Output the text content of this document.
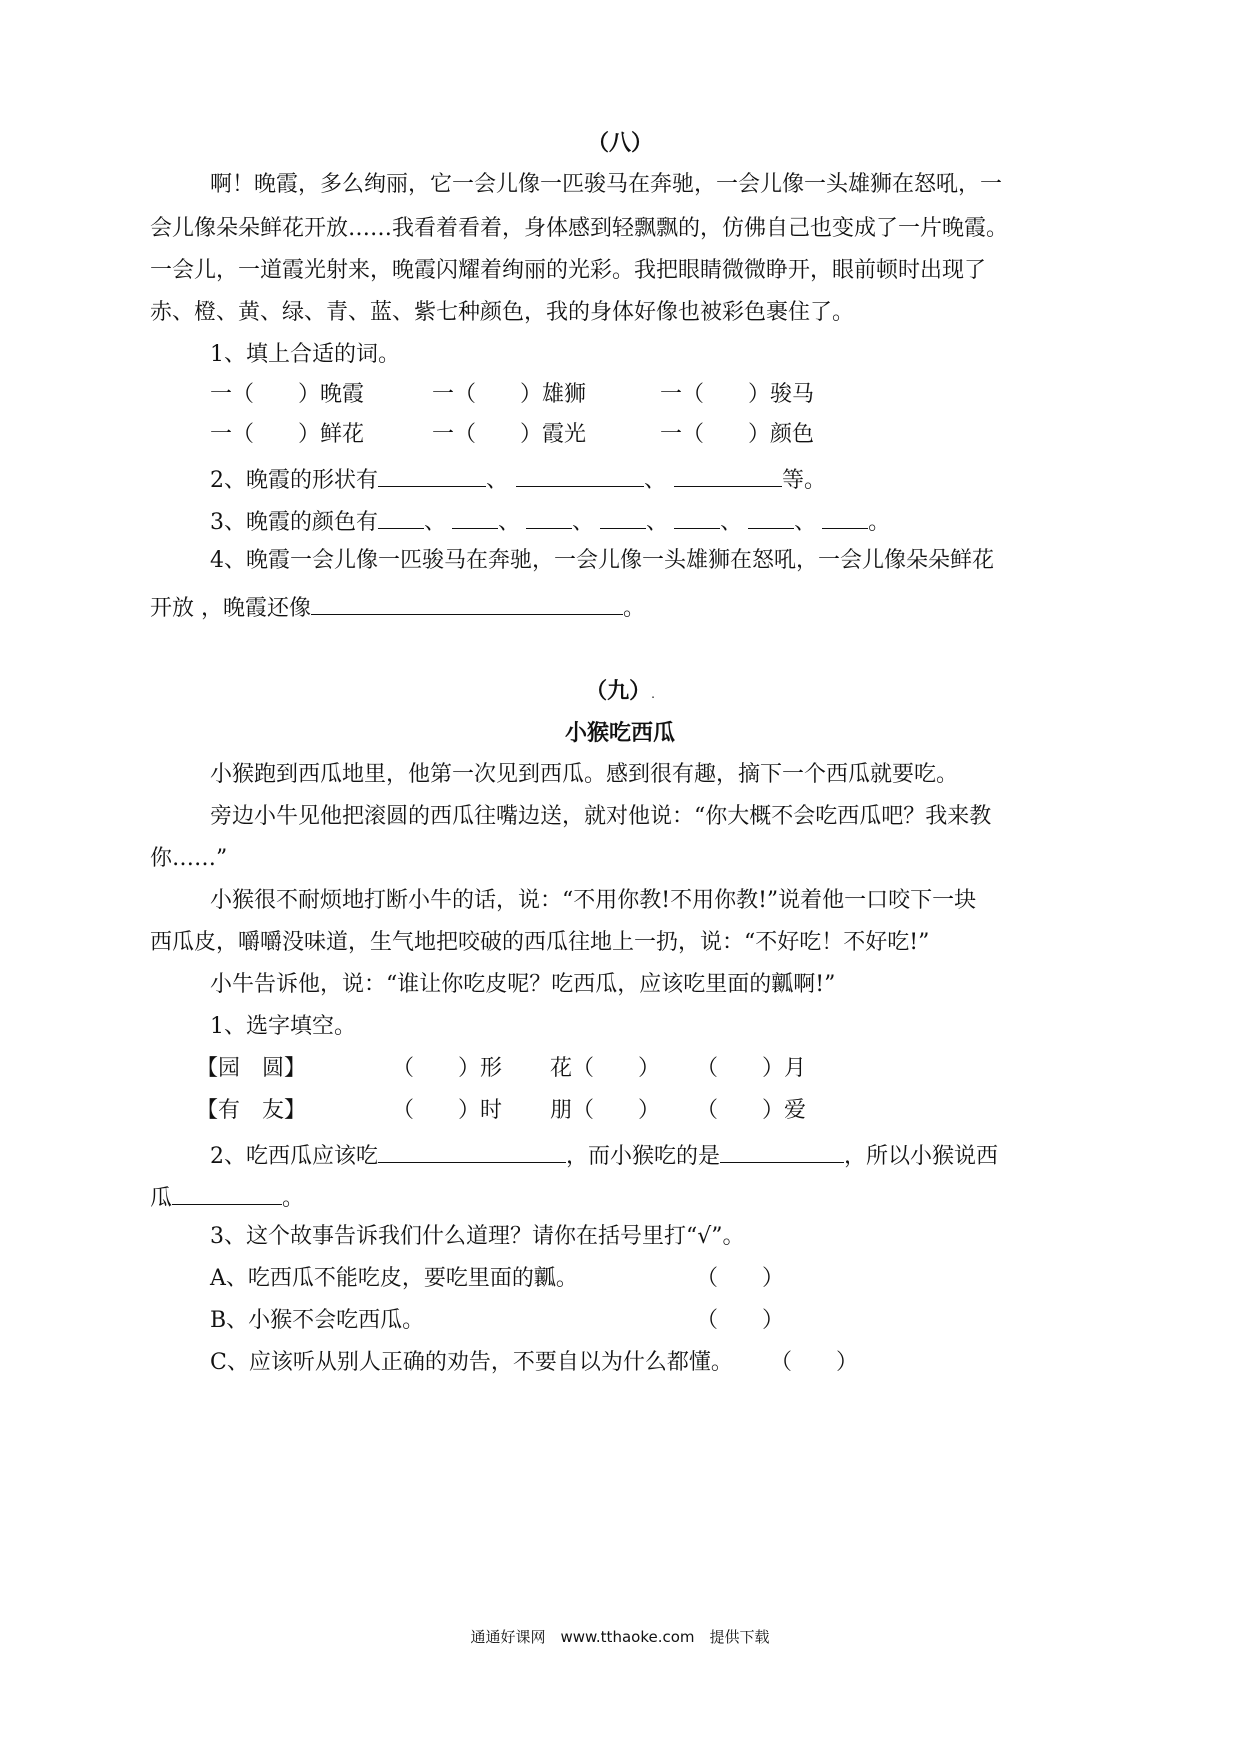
（八）
啊！晚霞，多么绚丽，它一会儿像一匹骏马在奔驰，一会儿像一头雄狮在怒吼，一
会儿像朵朵鲜花开放……我看着看着，身体感到轻飘飘的，仿佛自己也变成了一片晚霞。
一会儿，一道霞光射来，晚霞闪耀着绚丽的光彩。我把眼睛微微睁开，眼前顿时出现了
赤、橙、黄、绿、青、蓝、紫七种颜色，我的身体好像也被彩色裹住了。
1、填上合适的词。
一（　　）晚霞	一（　　）雄狮	一（　　）骏马
一（　　）鲜花	一（　　）霞光	一（　　）颜色
2、晚霞的形状有	、	、	等。
3、晚霞的颜色有 、 、 、 、 、 、 。
4、晚霞一会儿像一匹骏马在奔驰，一会儿像一头雄狮在怒吼，一会儿像朵朵鲜花
开放 ，晚霞还像	。
（九）.
小猴吃西瓜
小猴跑到西瓜地里，他第一次见到西瓜。感到很有趣，摘下一个西瓜就要吃。
旁边小牛见他把滚圆的西瓜往嘴边送，就对他说：“你大概不会吃西瓜吧？我来教
你……”
小猴很不耐烦地打断小牛的话，说：“不用你教!不用你教!”说着他一口咬下一块
西瓜皮，嚼嚼没味道，生气地把咬破的西瓜往地上一扔，说：“不好吃！不好吃!”
小牛告诉他，说：“谁让你吃皮呢？吃西瓜，应该吃里面的瓤啊!”
1、选字填空。
【园　圆】	（　　）形 花（　　） （　　）月
【有　友】	（　　）时 朋（　　） （　　）爱
2、吃西瓜应该吃	，而小猴吃的是	，所以小猴说西
瓜	。
3、这个故事告诉我们什么道理？请你在括号里打“√”。
A、吃西瓜不能吃皮，要吃里面的瓤。	（　　）
B、小猴不会吃西瓜。	（　　）
C、应该听从别人正确的劝告，不要自以为什么都懂。 （　　）
通通好课网　www.tthaoke.com　提供下载
